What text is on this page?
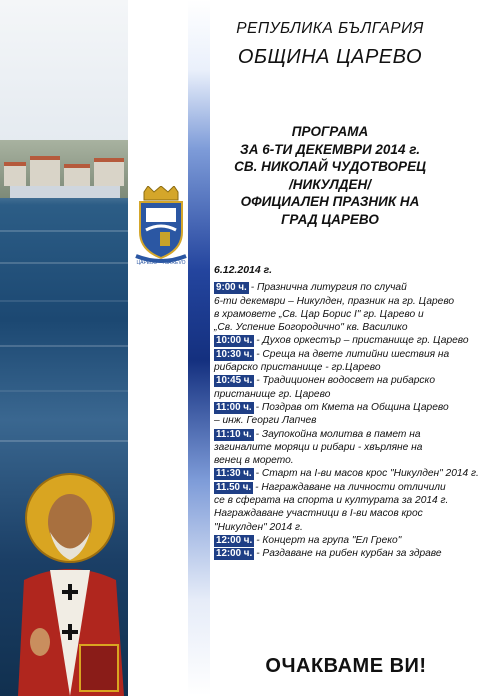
ЦАРЕВО · TSAREVO
РЕПУБЛИКА БЪЛГАРИЯ
ОБЩИНА ЦАРЕВО
ПРОГРАМА
ЗА 6-ТИ ДЕКЕМВРИ 2014 г.
СВ. НИКОЛАЙ ЧУДОТВОРЕЦ
/НИКУЛДЕН/
ОФИЦИАЛЕН ПРАЗНИК НА
ГРАД ЦАРЕВО
6.12.2014 г.
9:00 ч. - Празнична литургия по случай
6-ти декември – Никулден, празник на гр. Царево
в храмовете „Св. Цар Борис I" гр. Царево и
„Св. Успение Богородично" кв. Василико
10:00 ч. - Духов оркестър – пристанище гр. Царево
10:30 ч. - Среща на двете литийни шествия на
рибарско пристанище - гр.Царево
10:45 ч. - Традиционен водосвет на рибарско
пристанище гр. Царево
11:00 ч. - Поздрав от Кмета на Община Царево
– инж. Георги Лапчев
11:10 ч. - Заупокойна молитва в памет на
загиналите моряци и рибари - хвърляне на
венец в морето.
11:30 ч. - Старт на I-ви масов крос "Никулден" 2014 г.
11.50 ч. - Награждаване на личности отличили
се в сферата на спорта и културата за 2014 г.
Награждаване участници в I-ви масов крос
"Никулден" 2014 г.
12:00 ч. - Концерт на група "Ел Греко"
12:00 ч. - Раздаване на рибен курбан за здраве
ОЧАКВАМЕ ВИ!
